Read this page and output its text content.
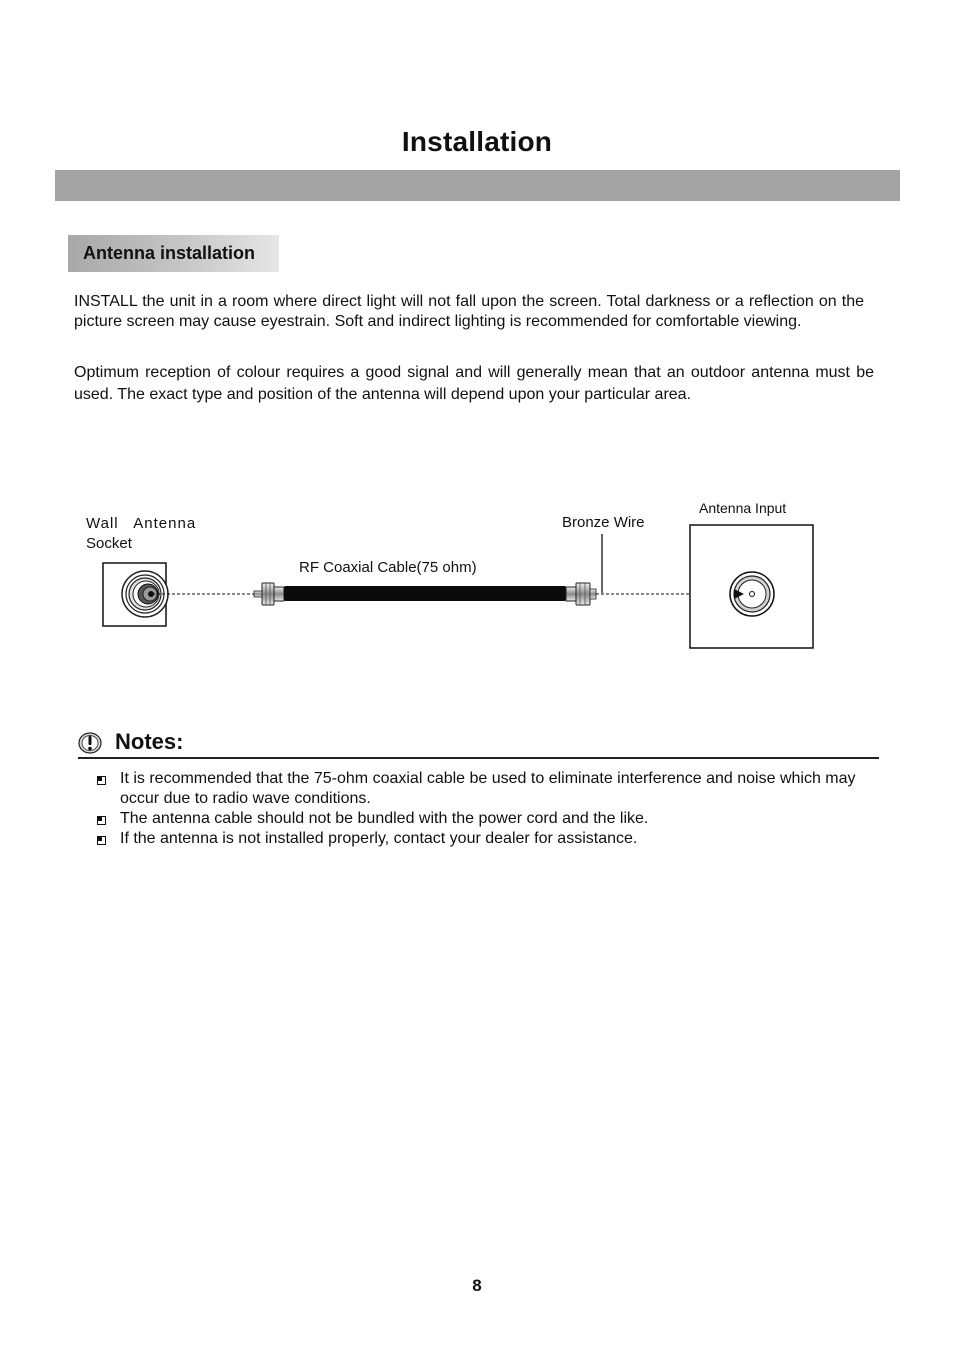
Installation
Antenna installation

INSTALL the unit in a room where direct light will not fall upon the screen. Total darkness or a reflection on the picture screen may cause eyestrain. Soft and indirect lighting is recommended for comfortable viewing.

Optimum reception of colour requires a good signal and will generally mean that an outdoor antenna must be used. The exact type and position of the antenna will depend upon your particular area.

Wall   Antenna
Socket
RF Coaxial Cable(75 ohm)
Bronze Wire
Antenna Input
Notes:
It is recommended that the 75-ohm coaxial cable be used to eliminate interference and noise which may occur due to radio wave conditions.
The antenna cable should not be bundled with the power cord and the like.
If the antenna is not installed properly, contact your dealer for assistance.
8
